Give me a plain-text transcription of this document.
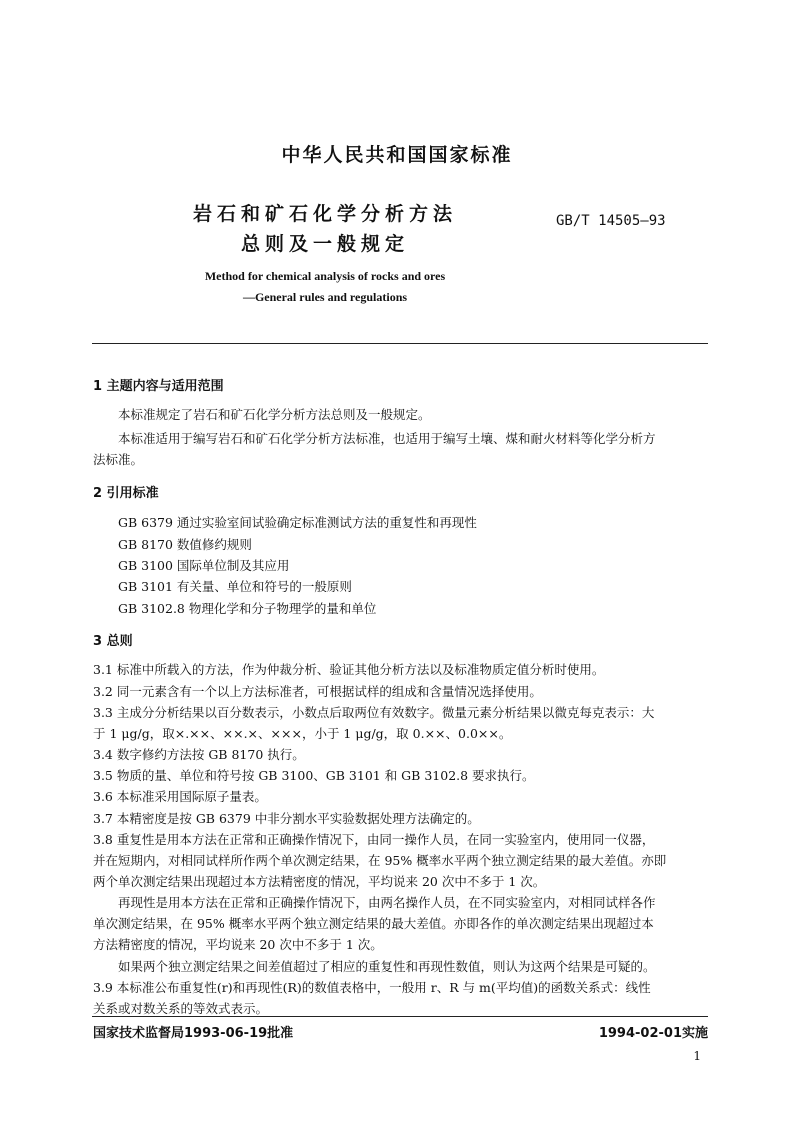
中华人民共和国国家标准
岩石和矿石化学分析方法
总则及一般规定
GB/T 14505—93
Method for chemical analysis of rocks and ores
—General rules and regulations
1 主题内容与适用范围
本标准规定了岩石和矿石化学分析方法总则及一般规定。
本标准适用于编写岩石和矿石化学分析方法标准，也适用于编写土壤、煤和耐火材料等化学分析方
法标准。
2 引用标准
GB 6379 通过实验室间试验确定标准测试方法的重复性和再现性
GB 8170 数值修约规则
GB 3100 国际单位制及其应用
GB 3101 有关量、单位和符号的一般原则
GB 3102.8 物理化学和分子物理学的量和单位
3 总则
3.1 标准中所载入的方法，作为仲裁分析、验证其他分析方法以及标准物质定值分析时使用。
3.2 同一元素含有一个以上方法标准者，可根据试样的组成和含量情况选择使用。
3.3 主成分分析结果以百分数表示，小数点后取两位有效数字。微量元素分析结果以微克每克表示：大
于 1 μg/g，取×.××、××.×、×××，小于 1 μg/g，取 0.××、0.0××。
3.4 数字修约方法按 GB 8170 执行。
3.5 物质的量、单位和符号按 GB 3100、GB 3101 和 GB 3102.8 要求执行。
3.6 本标准采用国际原子量表。
3.7 本精密度是按 GB 6379 中非分割水平实验数据处理方法确定的。
3.8 重复性是用本方法在正常和正确操作情况下，由同一操作人员，在同一实验室内，使用同一仪器，
并在短期内，对相同试样所作两个单次测定结果，在 95% 概率水平两个独立测定结果的最大差值。亦即
两个单次测定结果出现超过本方法精密度的情况，平均说来 20 次中不多于 1 次。
再现性是用本方法在正常和正确操作情况下，由两名操作人员，在不同实验室内，对相同试样各作
单次测定结果，在 95% 概率水平两个独立测定结果的最大差值。亦即各作的单次测定结果出现超过本
方法精密度的情况，平均说来 20 次中不多于 1 次。
如果两个独立测定结果之间差值超过了相应的重复性和再现性数值，则认为这两个结果是可疑的。
3.9 本标准公布重复性(r)和再现性(R)的数值表格中，一般用 r、R 与 m(平均值)的函数关系式：线性
关系或对数关系的等效式表示。
国家技术监督局1993-06-19批准	1994-02-01实施
1
